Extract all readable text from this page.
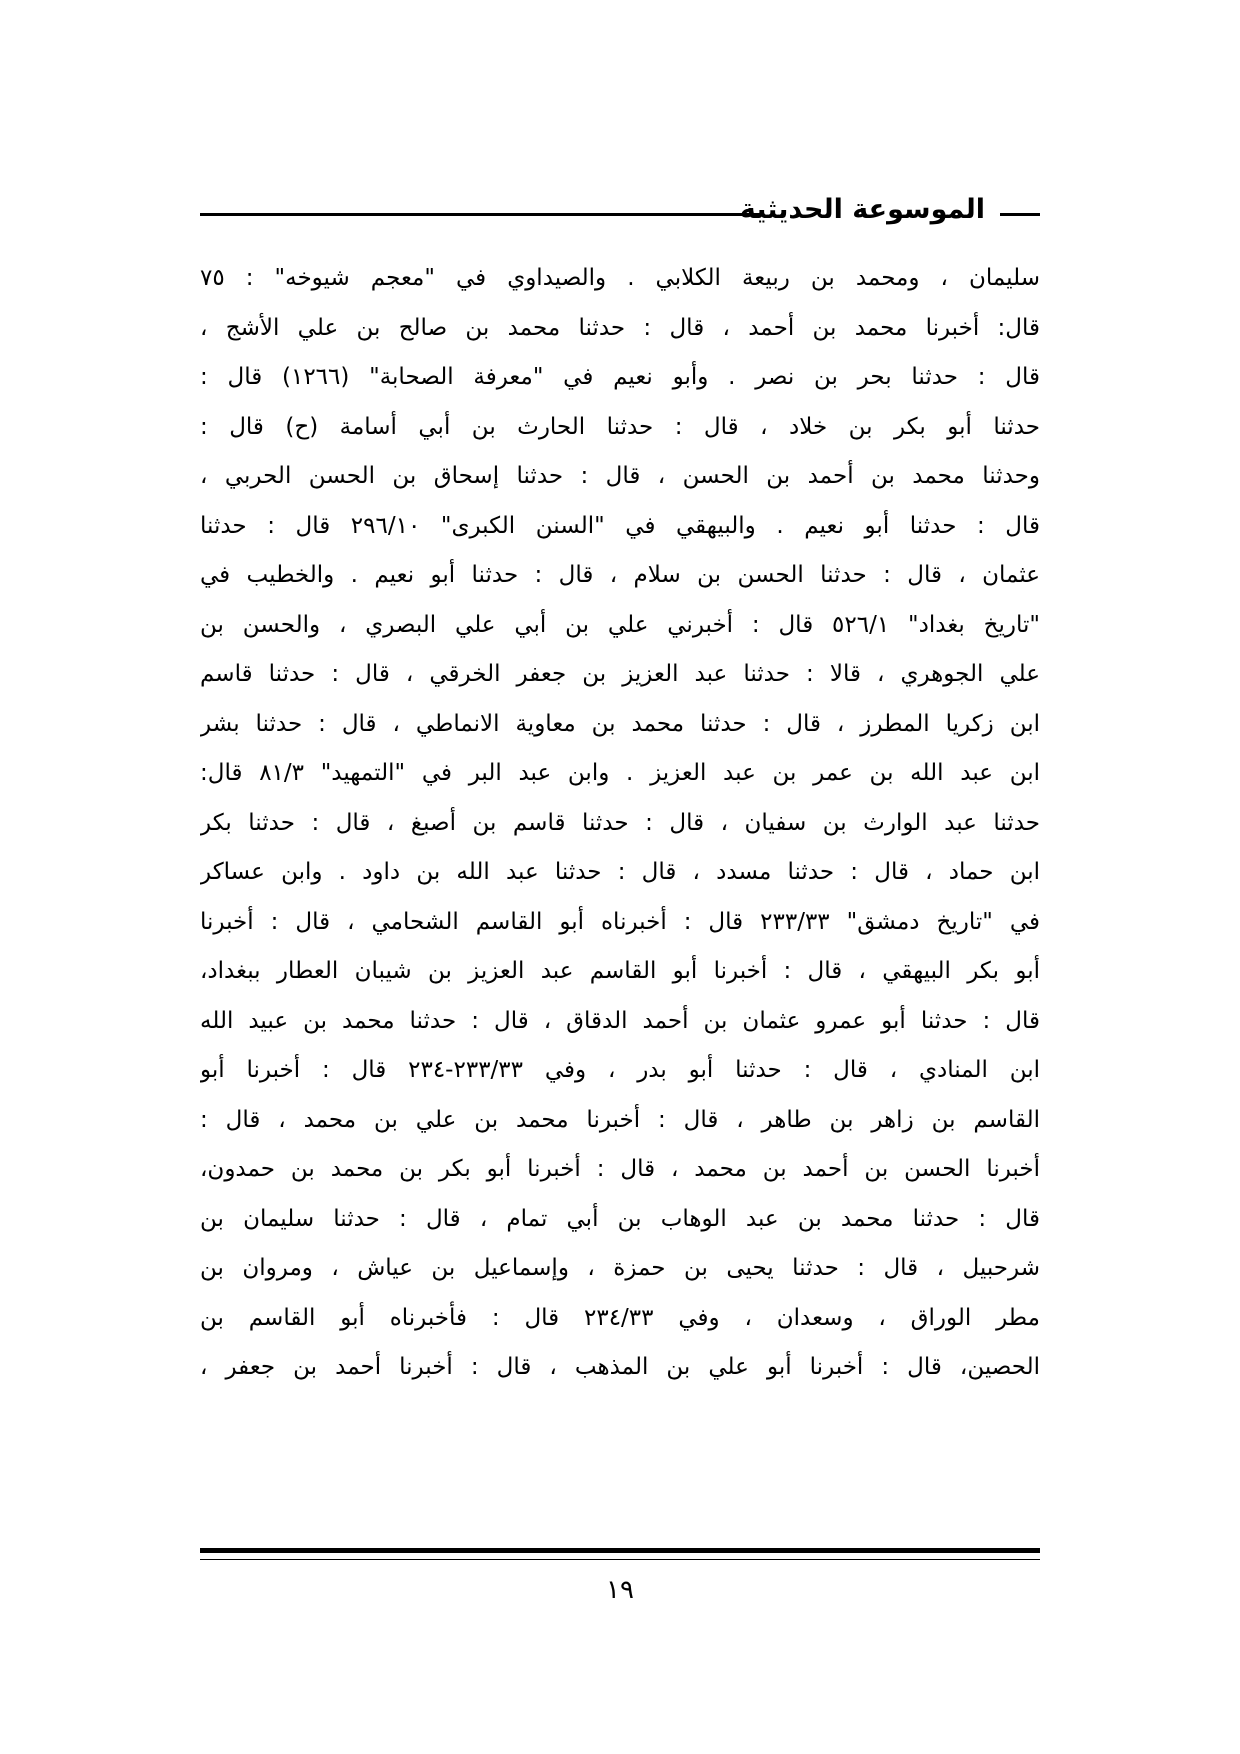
الموسوعة الحديثية
سليمان ، ومحمد بن ربيعة الكلابي . والصيداوي في "معجم شيوخه" : ٧٥
قال: أخبرنا محمد بن أحمد ، قال : حدثنا محمد بن صالح بن علي الأشج ،
قال : حدثنا بحر بن نصر . وأبو نعيم في "معرفة الصحابة" (١٢٦٦) قال :
حدثنا أبو بكر بن خلاد ، قال : حدثنا الحارث بن أبي أسامة (ح) قال :
وحدثنا محمد بن أحمد بن الحسن ، قال : حدثنا إسحاق بن الحسن الحربي ،
قال : حدثنا أبو نعيم . والبيهقي في "السنن الكبرى" ٢٩٦/١٠ قال : حدثنا
عثمان ، قال : حدثنا الحسن بن سلام ، قال : حدثنا أبو نعيم . والخطيب في
"تاريخ بغداد" ٥٢٦/١ قال : أخبرني علي بن أبي علي البصري ، والحسن بن
علي الجوهري ، قالا : حدثنا عبد العزيز بن جعفر الخرقي ، قال : حدثنا قاسم
ابن زكريا المطرز ، قال : حدثنا محمد بن معاوية الانماطي ، قال : حدثنا بشر
ابن عبد الله بن عمر بن عبد العزيز . وابن عبد البر في "التمهيد" ٨١/٣ قال:
حدثنا عبد الوارث بن سفيان ، قال : حدثنا قاسم بن أصبغ ، قال : حدثنا بكر
ابن حماد ، قال : حدثنا مسدد ، قال : حدثنا عبد الله بن داود . وابن عساكر
في "تاريخ دمشق" ٢٣٣/٣٣ قال : أخبرناه أبو القاسم الشحامي ، قال : أخبرنا
أبو بكر البيهقي ، قال : أخبرنا أبو القاسم عبد العزيز بن شيبان العطار ببغداد،
قال : حدثنا أبو عمرو عثمان بن أحمد الدقاق ، قال : حدثنا محمد بن عبيد الله
ابن المنادي ، قال : حدثنا أبو بدر ، وفي ٢٣٣/٣٣-٢٣٤ قال : أخبرنا أبو
القاسم بن زاهر بن طاهر ، قال : أخبرنا محمد بن علي بن محمد ، قال :
أخبرنا الحسن بن أحمد بن محمد ، قال : أخبرنا أبو بكر بن محمد بن حمدون،
قال : حدثنا محمد بن عبد الوهاب بن أبي تمام ، قال : حدثنا سليمان بن
شرحبيل ، قال : حدثنا يحيى بن حمزة ، وإسماعيل بن عياش ، ومروان بن
مطر الوراق ، وسعدان ، وفي ٢٣٤/٣٣ قال : فأخبرناه أبو القاسم بن
الحصين، قال : أخبرنا أبو علي بن المذهب ، قال : أخبرنا أحمد بن جعفر ،
١٩
